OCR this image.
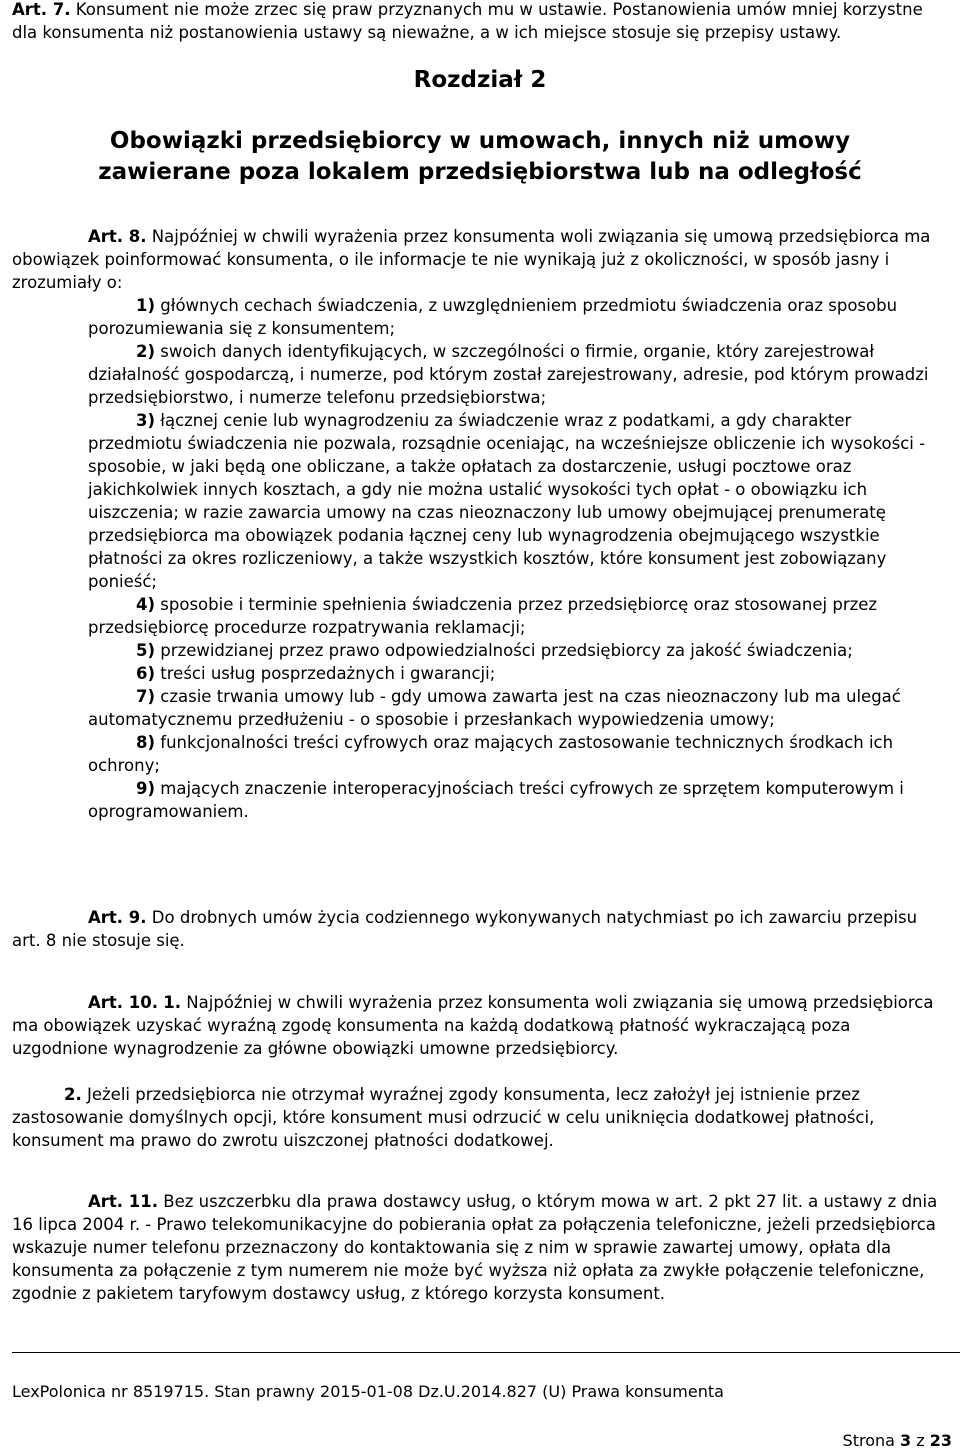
Art. 7. Konsument nie może zrzec się praw przyznanych mu w ustawie. Postanowienia umów mniej korzystne dla konsumenta niż postanowienia ustawy są nieważne, a w ich miejsce stosuje się przepisy ustawy.

Rozdział 2

Obowiązki przedsiębiorcy w umowach, innych niż umowy

zawierane poza lokalem przedsiębiorstwa lub na odległość

Art. 8. Najpóźniej w chwili wyrażenia przez konsumenta woli związania się umową przedsiębiorca ma obowiązek poinformować konsumenta, o ile informacje te nie wynikają już z okoliczności, w sposób jasny i zrozumiały o:

1) głównych cechach świadczenia, z uwzględnieniem przedmiotu świadczenia oraz sposobu porozumiewania się z konsumentem;

2) swoich danych identyfikujących, w szczególności o firmie, organie, który zarejestrował działalność gospodarczą, i numerze, pod którym został zarejestrowany, adresie, pod którym prowadzi przedsiębiorstwo, i numerze telefonu przedsiębiorstwa;

3) łącznej cenie lub wynagrodzeniu za świadczenie wraz z podatkami, a gdy charakter przedmiotu świadczenia nie pozwala, rozsądnie oceniając, na wcześniejsze obliczenie ich wysokości - sposobie, w jaki będą one obliczane, a także opłatach za dostarczenie, usługi pocztowe oraz jakichkolwiek innych kosztach, a gdy nie można ustalić wysokości tych opłat - o obowiązku ich uiszczenia; w razie zawarcia umowy na czas nieoznaczony lub umowy obejmującej prenumeratę przedsiębiorca ma obowiązek podania łącznej ceny lub wynagrodzenia obejmującego wszystkie płatności za okres rozliczeniowy, a także wszystkich kosztów, które konsument jest zobowiązany ponieść;

4) sposobie i terminie spełnienia świadczenia przez przedsiębiorcę oraz stosowanej przez przedsiębiorcę procedurze rozpatrywania reklamacji;

5) przewidzianej przez prawo odpowiedzialności przedsiębiorcy za jakość świadczenia;

6) treści usług posprzedażnych i gwarancji;

7) czasie trwania umowy lub - gdy umowa zawarta jest na czas nieoznaczony lub ma ulegać automatycznemu przedłużeniu - o sposobie i przesłankach wypowiedzenia umowy;

8) funkcjonalności treści cyfrowych oraz mających zastosowanie technicznych środkach ich ochrony;

9) mających znaczenie interoperacyjnościach treści cyfrowych ze sprzętem komputerowym i oprogramowaniem.

Art. 9. Do drobnych umów życia codziennego wykonywanych natychmiast po ich zawarciu przepisu art. 8 nie stosuje się.

Art. 10. 1. Najpóźniej w chwili wyrażenia przez konsumenta woli związania się umową przedsiębiorca ma obowiązek uzyskać wyraźną zgodę konsumenta na każdą dodatkową płatność wykraczającą poza uzgodnione wynagrodzenie za główne obowiązki umowne przedsiębiorcy.

2. Jeżeli przedsiębiorca nie otrzymał wyraźnej zgody konsumenta, lecz założył jej istnienie przez zastosowanie domyślnych opcji, które konsument musi odrzucić w celu uniknięcia dodatkowej płatności, konsument ma prawo do zwrotu uiszczonej płatności dodatkowej.

Art. 11. Bez uszczerbku dla prawa dostawcy usług, o którym mowa w art. 2 pkt 27 lit. a ustawy z dnia 16 lipca 2004 r. - Prawo telekomunikacyjne do pobierania opłat za połączenia telefoniczne, jeżeli przedsiębiorca wskazuje numer telefonu przeznaczony do kontaktowania się z nim w sprawie zawartej umowy, opłata dla konsumenta za połączenie z tym numerem nie może być wyższa niż opłata za zwykłe połączenie telefoniczne, zgodnie z pakietem taryfowym dostawcy usług, z którego korzysta konsument.

LexPolonica nr 8519715. Stan prawny 2015-01-08 Dz.U.2014.827 (U) Prawa konsumenta
Strona 3 z 23
